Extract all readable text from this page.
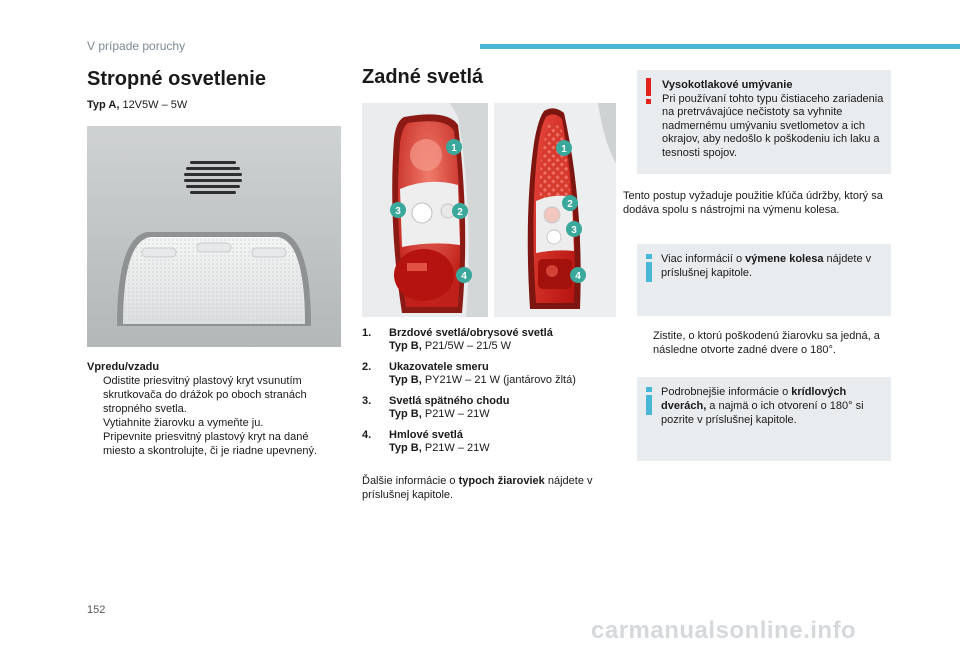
V prípade poruchy
Stropné osvetlenie
Typ A, 12V5W – 5W
Vpredu/vzadu
Odistite priesvitný plastový kryt vsunutím skrutkovača do drážok po oboch stranách stropného svetla.
Vytiahnite žiarovku a vymeňte ju.
Pripevnite priesvitný plastový kryt na dané miesto a skontrolujte, či je riadne upevnený.
Zadné svetlá
1
2
3
4
1
2
3
4
1.	Brzdové svetlá/obrysové svetlá
Typ B, P21/5W – 21/5 W
2.	Ukazovatele smeru
Typ B, PY21W – 21 W (jantárovo žltá)
3.	Svetlá spätného chodu
Typ B, P21W – 21W
4.	Hmlové svetlá
Typ B, P21W – 21W
Ďalšie informácie o typoch žiaroviek nájdete v príslušnej kapitole.
Vysokotlakové umývanie
Pri používaní tohto typu čistiaceho zariadenia na pretrvávajúce nečistoty sa vyhnite nadmernému umývaniu svetlometov a ich okrajov, aby nedošlo k poškodeniu ich laku a tesnosti spojov.
Tento postup vyžaduje použitie kľúča údržby, ktorý sa dodáva spolu s nástrojmi na výmenu kolesa.
Viac informácií o výmene kolesa nájdete v príslušnej kapitole.
Zistite, o ktorú poškodenú žiarovku sa jedná, a následne otvorte zadné dvere o 180°.
Podrobnejšie informácie o krídlových dverách, a najmä o ich otvorení o 180° si pozrite v príslušnej kapitole.
152
carmanualsonline.info
